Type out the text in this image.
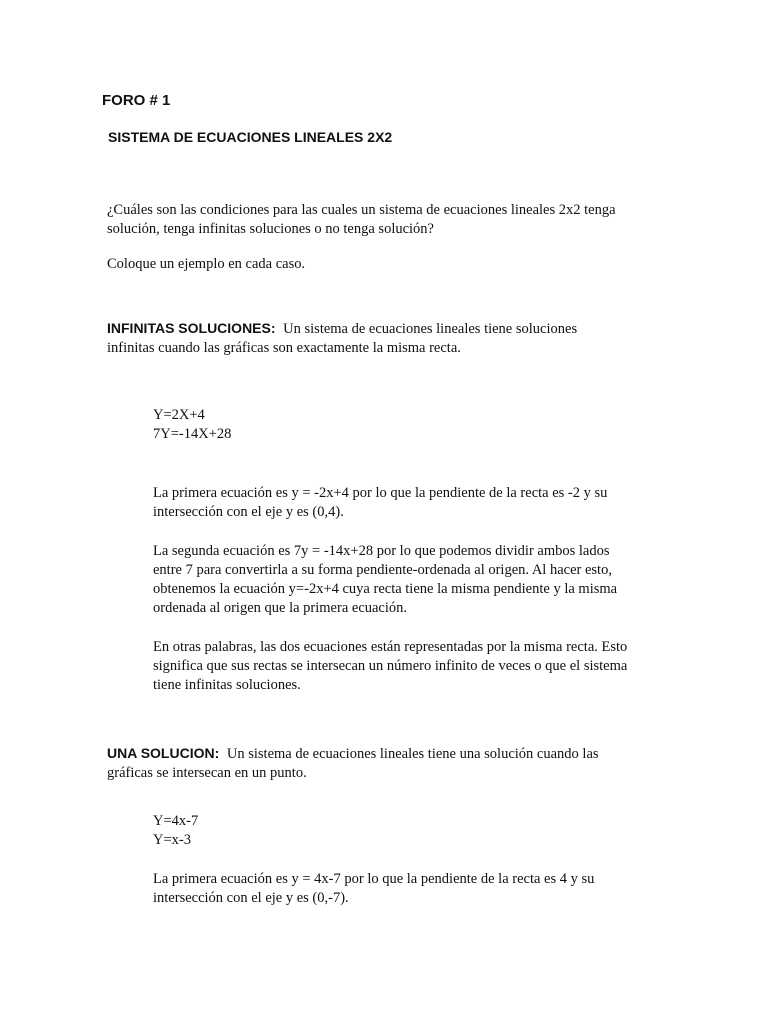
FORO # 1
SISTEMA DE ECUACIONES LINEALES 2X2

¿Cuáles son las condiciones para las cuales un sistema de ecuaciones lineales 2x2 tenga solución, tenga infinitas soluciones o no tenga solución?

Coloque un ejemplo en cada caso.

INFINITAS SOLUCIONES: Un sistema de ecuaciones lineales tiene soluciones infinitas cuando las gráficas son exactamente la misma recta.

Y=2X+4

7Y=-14X+28

La primera ecuación es y = -2x+4 por lo que la pendiente de la recta es -2 y su intersección con el eje y es (0,4).

La segunda ecuación es 7y = -14x+28 por lo que podemos dividir ambos lados entre 7 para convertirla a su forma pendiente-ordenada al origen. Al hacer esto, obtenemos la ecuación y=-2x+4 cuya recta tiene la misma pendiente y la misma ordenada al origen que la primera ecuación.

En otras palabras, las dos ecuaciones están representadas por la misma recta. Esto significa que sus rectas se intersecan un número infinito de veces o que el sistema tiene infinitas soluciones.

UNA SOLUCION: Un sistema de ecuaciones lineales tiene una solución cuando las gráficas se intersecan en un punto.

Y=4x-7

Y=x-3

La primera ecuación es y = 4x-7 por lo que la pendiente de la recta es 4 y su intersección con el eje y es (0,-7).
